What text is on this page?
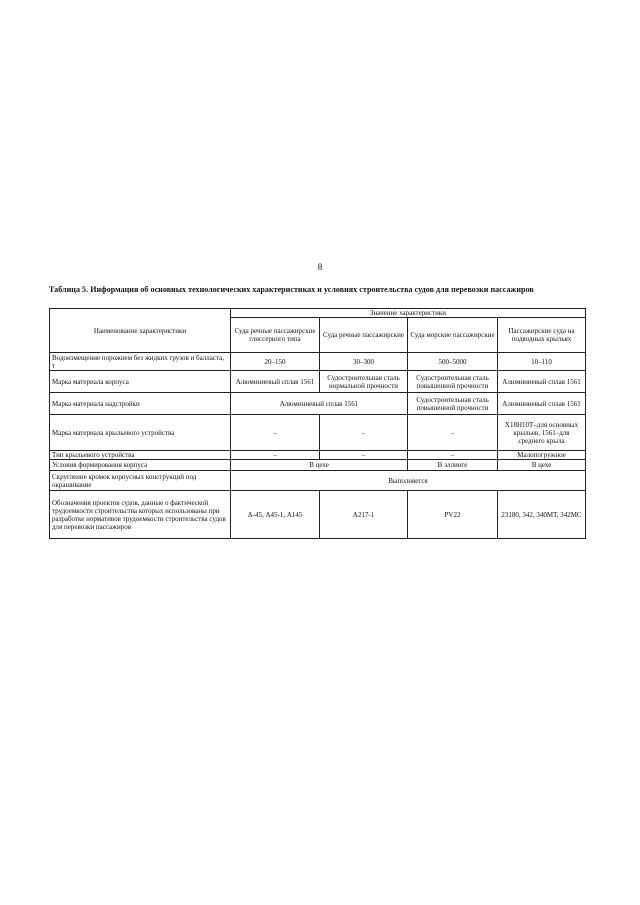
8
Таблица 5. Информация об основных технологических характеристиках и условиях строительства судов для перевозки пассажиров
Наименование характеристики	Значение характеристики			
	Суда речные пассажирские глиссерного типа	Суда речные пассажирские	Суда морские пассажирские	Пассажирские суда на подводных крыльях
Водоизмещение порожнем без жидких грузов и балласта, т	20–150	30–300	500–5000	10–110
Марка материала корпуса	Алюминиевый сплав 1561	Судостроительная сталь нормальной прочности	Судостроительная сталь повышенной прочности	Алюминиевый сплав 1561
Марка материала надстройки	Алюминиевый сплав 1561		Судостроительная сталь повышенной прочности	Алюминиевый сплав 1561
Марка материала крыльевого устройства	–	–	–	Х18Н10Т–для основных крыльев, 1561–для среднего крыла
Тип крыльевого устройства	–	–	–	Малопогружное
Условия формирования корпуса	В цехе		В эллинге	В цехе
Скругление кромок корпусных конструкций под окрашивание	Выполняется			
Обозначения проектов судов, данные о фактической трудоемкости строительства которых использованы при разработке нормативов трудоемкости строительства судов для перевозки пассажиров	А-45, А45-1, А145	А217-1	PV22	23180, 342, 340МТ, 342МС
